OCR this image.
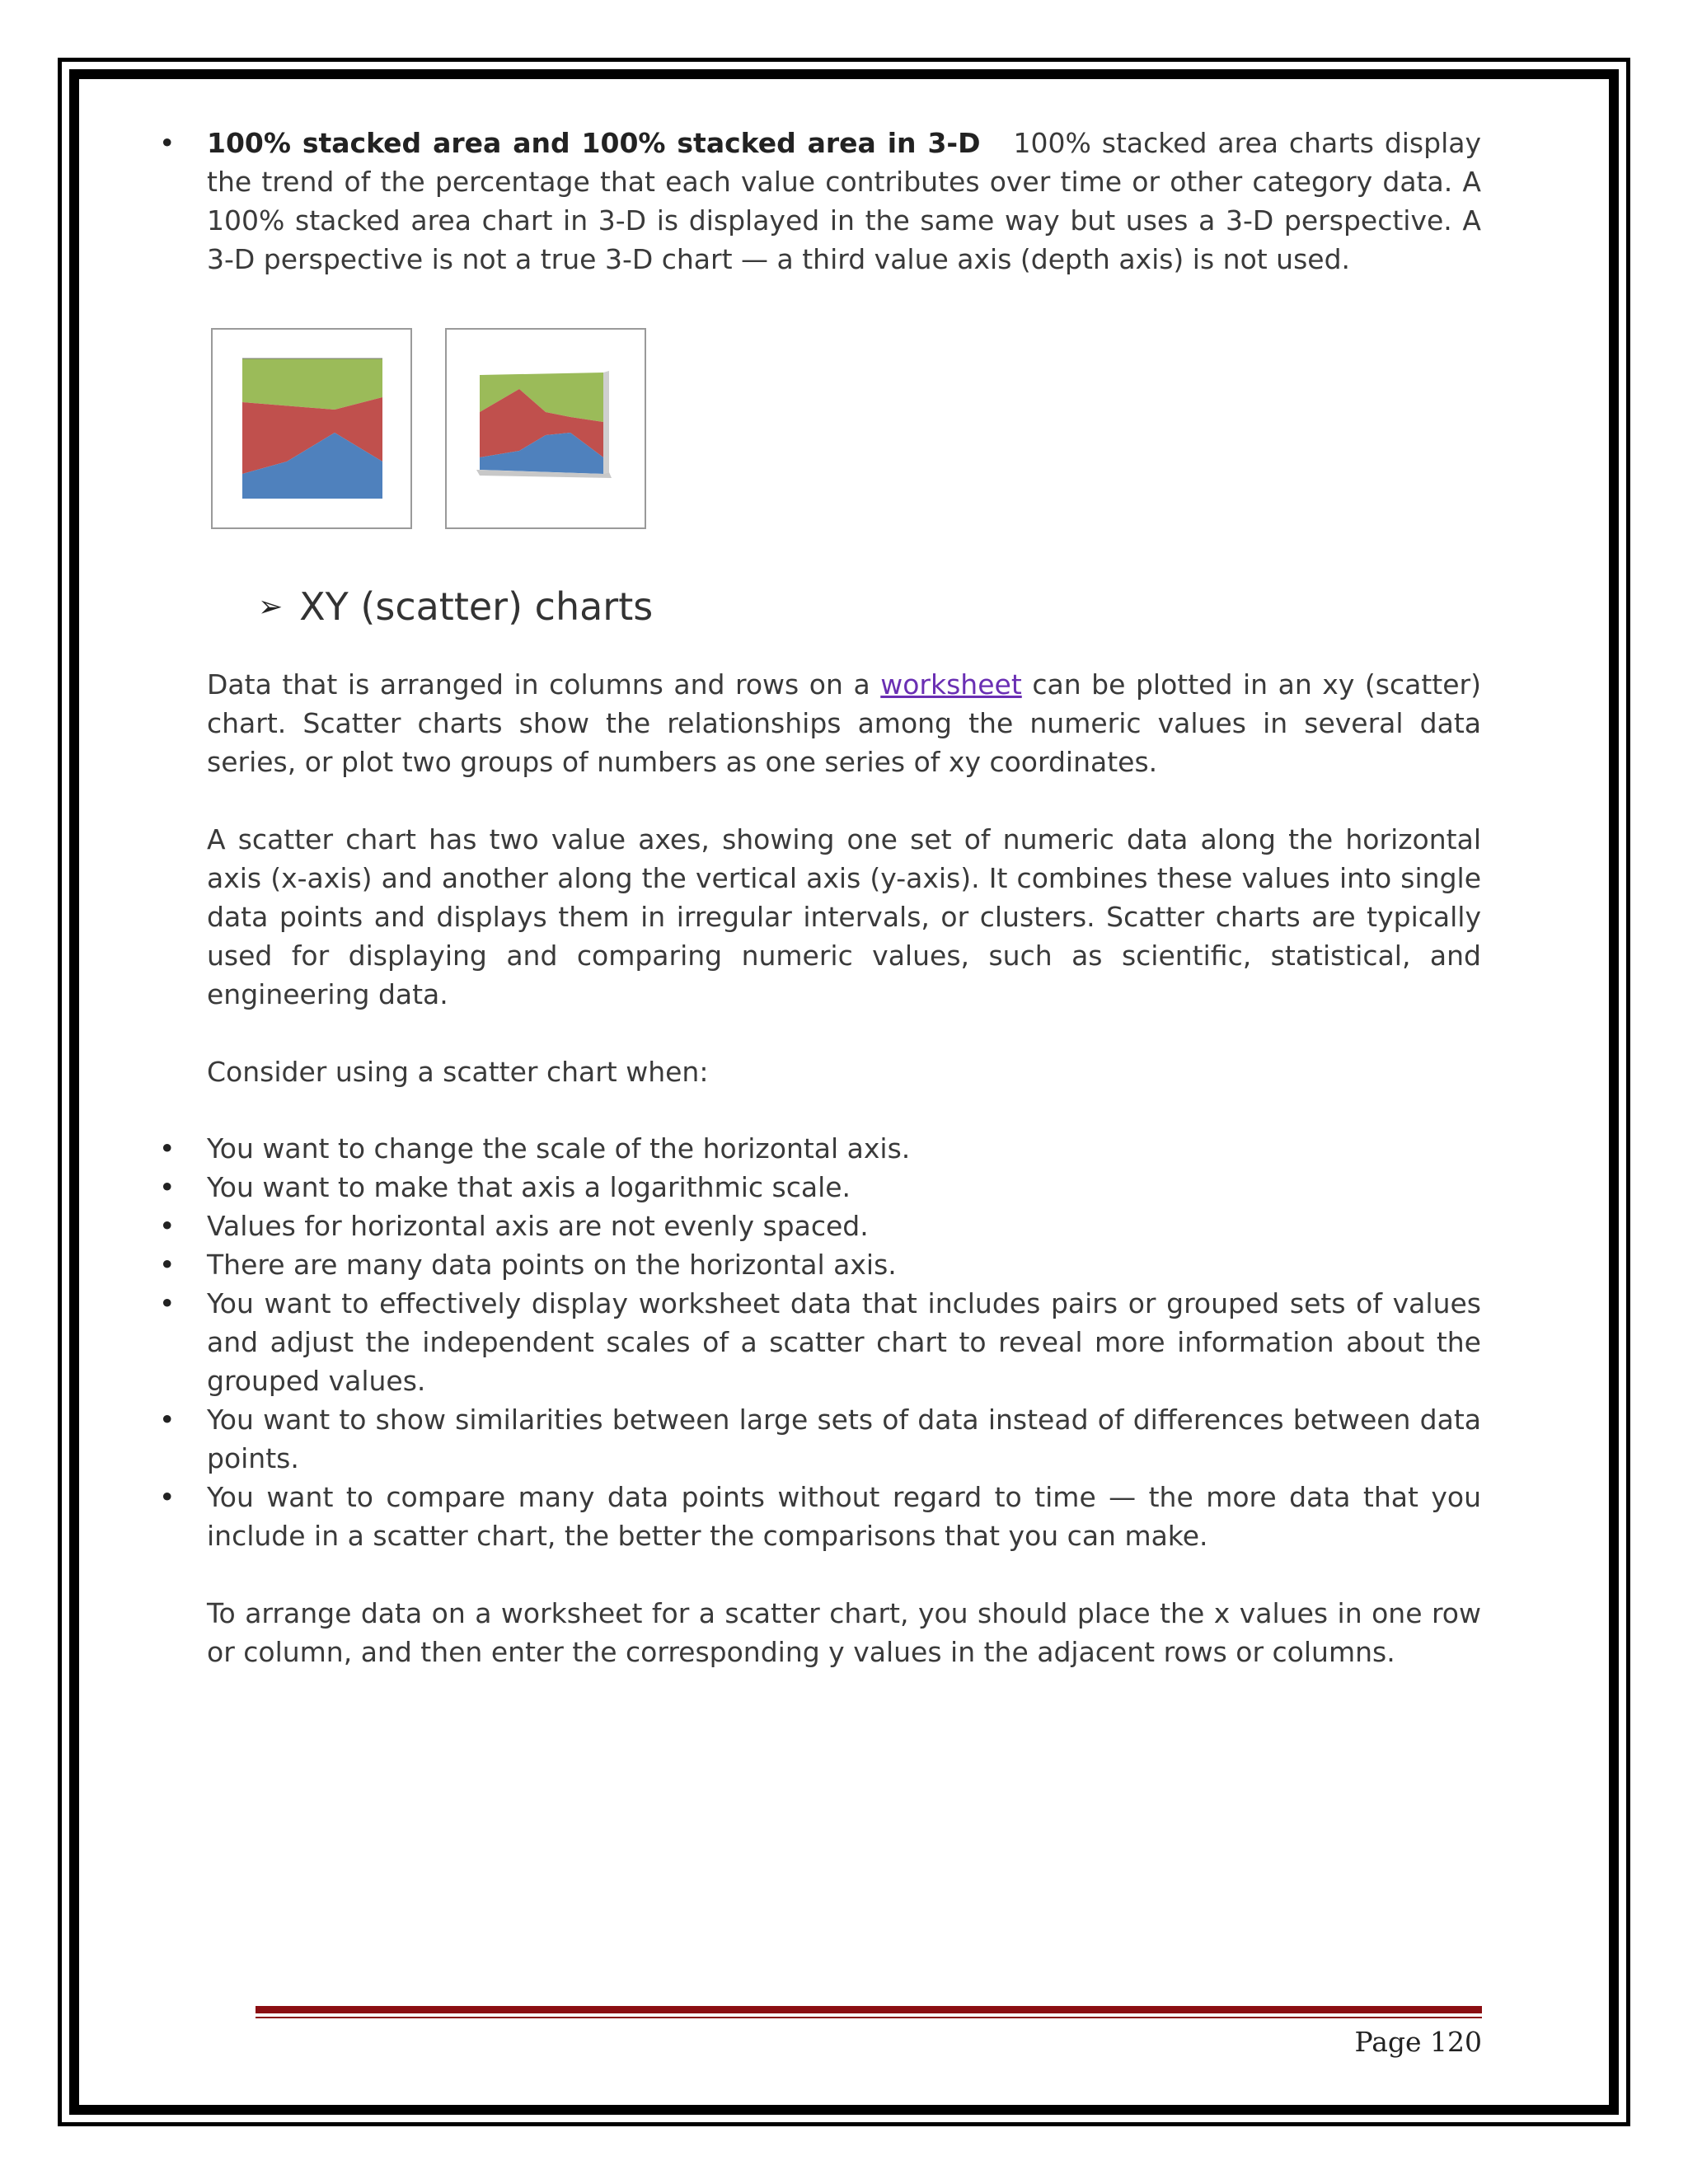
• 100% stacked area and 100% stacked area in 3-D 100% stacked area charts display the trend of the percentage that each value contributes over time or other category data. A 100% stacked area chart in 3-D is displayed in the same way but uses a 3-D perspective. A 3-D perspective is not a true 3-D chart — a third value axis (depth axis) is not used.
➢ XY (scatter) charts
Data that is arranged in columns and rows on a worksheet can be plotted in an xy (scatter) chart. Scatter charts show the relationships among the numeric values in several data series, or plot two groups of numbers as one series of xy coordinates.
A scatter chart has two value axes, showing one set of numeric data along the horizontal axis (x-axis) and another along the vertical axis (y-axis). It combines these values into single data points and displays them in irregular intervals, or clusters. Scatter charts are typically used for displaying and comparing numeric values, such as scientific, statistical, and engineering data.
Consider using a scatter chart when:
• You want to change the scale of the horizontal axis.
• You want to make that axis a logarithmic scale.
• Values for horizontal axis are not evenly spaced.
• There are many data points on the horizontal axis.
• You want to effectively display worksheet data that includes pairs or grouped sets of values and adjust the independent scales of a scatter chart to reveal more information about the grouped values.
• You want to show similarities between large sets of data instead of differences between data points.
• You want to compare many data points without regard to time — the more data that you include in a scatter chart, the better the comparisons that you can make.
To arrange data on a worksheet for a scatter chart, you should place the x values in one row or column, and then enter the corresponding y values in the adjacent rows or columns.
Page 120
